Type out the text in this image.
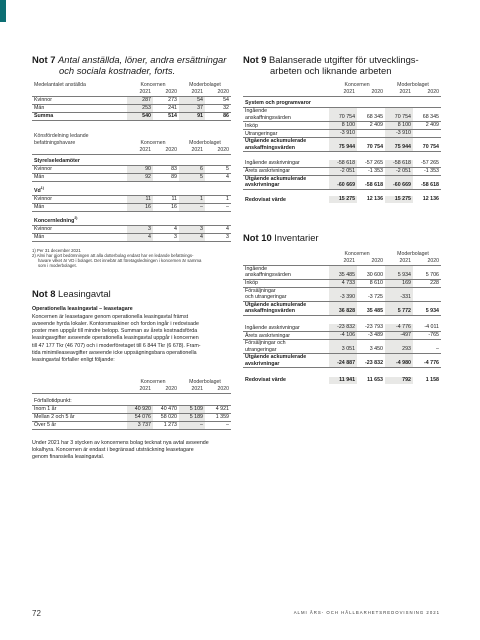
Not 7 Antal anställda, löner, andra ersättningar
och sociala kostnader, forts.
Medelantalet anställda	Koncernen		Moderbolaget	
	2021	2020	2021	2020
Kvinnor	287	273	54	54
Män	253	241	37	32
Summa	540	514	91	86
Könsfördelning ledande				
befattningshavare	Koncernen		Moderbolaget	
	2021	2020	2021	2020
Styrelseledamöter				
Kvinnor	90	83	6	5
Män	92	89	5	4
Vd$^{1)}$
Kvinnor	11	11	1	1
Män	16	16	–	–
Koncernledning$^{2)}$
Kvinnor	3	4	3	4
Män	4	3	4	3
1) Per 31 december 2021
2) Almi har gjort bedömningen att alla dotterbolag endast har en ledande befattnings-
havare vilket är VD i bolaget. Det innebär att företagsledningen i koncernen är samma
som i moderbolaget.
Not 8 Leasingavtal
Operationella leasingavtal – leasetagare
Koncernen är leasetagare genom operationella leasingavtal främst
avseende hyrda lokaler. Kontorsmaskiner och fordon ingår i redovisade
poster men uppgår till mindre belopp. Summan av årets kostnadsförda
leasingavgifter avseende operationella leasingavtal uppgår i koncernen
till 47 177 Tkr (46 707) och i moderföretaget till 6 844 Tkr (6 678). Fram-
tida minimileaseavgifter avseende icke uppsägningsbara operationella
leasingavtal förfaller enligt följande:
	Koncernen		Moderbolaget	
	2021	2020	2021	2020
Förfallotidpunkt:				
Inom 1 år	40 920	40 470	5 109	4 921
Mellan 2 och 5 år	54 076	58 020	5 189	1 359
Över 5 år	3 737	1 273	–	–
Under 2021 har 3 stycken av koncernens bolag tecknat nya avtal avseende
lokalhyra. Koncernen är endast i begränsad utsträckning leasetagare
genom finansiella leasingavtal.
Not 9 Balanserade utgifter för utvecklings-
arbeten och liknande arbeten
	Koncernen		Moderbolaget	
	2021	2020	2021	2020
System och programvaror				
Ingående
anskaffningsvärden	70 754	68 345	70 754	68 345
Inköp	8 100	2 409	8 100	2 409
Utrangeringar	-3 910		-3 910	
Utgående ackumulerade
anskaffningsvärden	75 944	70 754	75 944	70 754

Ingående avskrivningar	-58 618	-57 265	-58 618	-57 265
Årets avskrivningar	-2 051	-1 353	-2 051	-1 353
Utgående ackumulerade
avskrivningar	-60 669	-58 618	-60 669	-58 618

Redovisat värde	15 275	12 136	15 275	12 136
Not 10 Inventarier
	Koncernen		Moderbolaget	
	2021	2020	2021	2020
Ingående
anskaffningsvärden	35 485	30 600	5 934	5 706
Inköp	4 733	8 610	169	228
Försäljningar
och utrangeringar	-3 390	-3 725	-331	
Utgående ackumulerade
anskaffningsvärden	36 828	35 485	5 772	5 934

Ingående avskrivningar	-23 832	-23 793	-4 776	-4 011
Årets avskrivningar	-4 106	-3 489	-497	-765
Försäljningar och
utrangeringar	3 051	3 450	293	–
Utgående ackumulerade
avskrivningar	-24 887	-23 832	-4 980	-4 776

Redovisat värde	11 941	11 653	792	1 158
72	ALMI ÅRS- OCH HÅLLBARHETSREDOVISNING 2021
